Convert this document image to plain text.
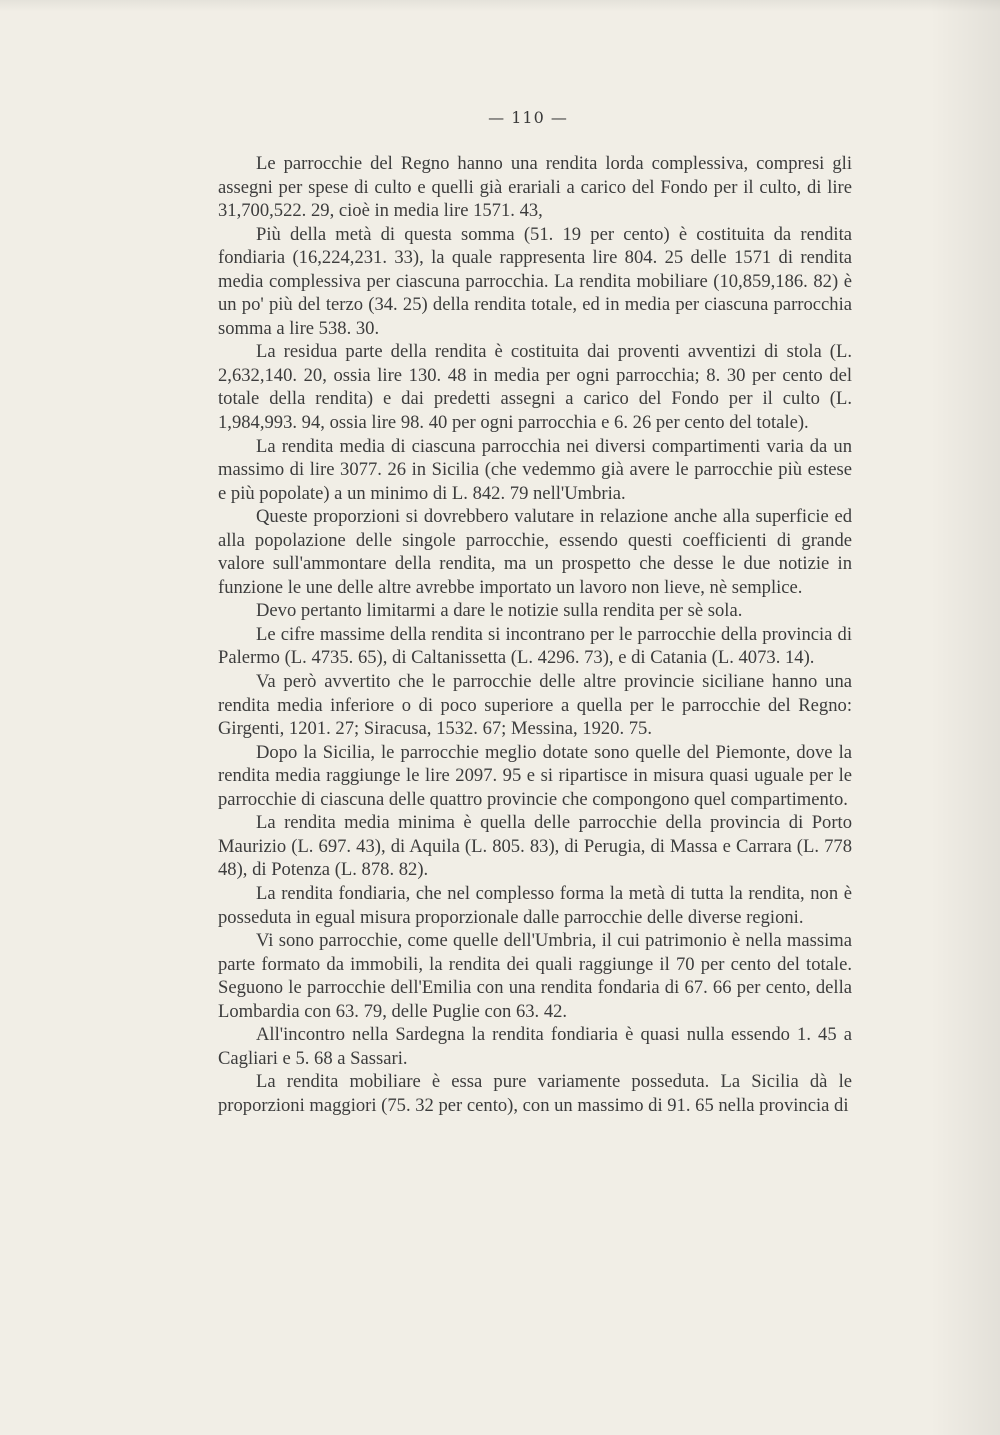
— 110 —

Le parrocchie del Regno hanno una rendita lorda complessiva, compresi gli assegni per spese di culto e quelli già erariali a carico del Fondo per il culto, di lire 31,700,522. 29, cioè in media lire 1571. 43,

Più della metà di questa somma (51. 19 per cento) è costituita da rendita fondiaria (16,224,231. 33), la quale rappresenta lire 804. 25 delle 1571 di rendita media complessiva per ciascuna parrocchia. La rendita mobiliare (10,859,186. 82) è un po' più del terzo (34. 25) della rendita totale, ed in media per ciascuna parrocchia somma a lire 538. 30.

La residua parte della rendita è costituita dai proventi avventizi di stola (L. 2,632,140. 20, ossia lire 130. 48 in media per ogni parrocchia; 8. 30 per cento del totale della rendita) e dai predetti assegni a carico del Fondo per il culto (L. 1,984,993. 94, ossia lire 98. 40 per ogni parrocchia e 6. 26 per cento del totale).

La rendita media di ciascuna parrocchia nei diversi compartimenti varia da un massimo di lire 3077. 26 in Sicilia (che vedemmo già avere le parrocchie più estese e più popolate) a un minimo di L. 842. 79 nell'Umbria.

Queste proporzioni si dovrebbero valutare in relazione anche alla superficie ed alla popolazione delle singole parrocchie, essendo questi coefficienti di grande valore sull'ammontare della rendita, ma un prospetto che desse le due notizie in funzione le une delle altre avrebbe importato un lavoro non lieve, nè semplice.

Devo pertanto limitarmi a dare le notizie sulla rendita per sè sola.

Le cifre massime della rendita si incontrano per le parrocchie della provincia di Palermo (L. 4735. 65), di Caltanissetta (L. 4296. 73), e di Catania (L. 4073. 14).

Va però avvertito che le parrocchie delle altre provincie siciliane hanno una rendita media inferiore o di poco superiore a quella per le parrocchie del Regno: Girgenti, 1201. 27; Siracusa, 1532. 67; Messina, 1920. 75.

Dopo la Sicilia, le parrocchie meglio dotate sono quelle del Piemonte, dove la rendita media raggiunge le lire 2097. 95 e si ripartisce in misura quasi uguale per le parrocchie di ciascuna delle quattro provincie che compongono quel compartimento.

La rendita media minima è quella delle parrocchie della provincia di Porto Maurizio (L. 697. 43), di Aquila (L. 805. 83), di Perugia, di Massa e Carrara (L. 778 48), di Potenza (L. 878. 82).

La rendita fondiaria, che nel complesso forma la metà di tutta la rendita, non è posseduta in egual misura proporzionale dalle parrocchie delle diverse regioni.

Vi sono parrocchie, come quelle dell'Umbria, il cui patrimonio è nella massima parte formato da immobili, la rendita dei quali raggiunge il 70 per cento del totale. Seguono le parrocchie dell'Emilia con una rendita fondaria di 67. 66 per cento, della Lombardia con 63. 79, delle Puglie con 63. 42.

All'incontro nella Sardegna la rendita fondiaria è quasi nulla essendo 1. 45 a Cagliari e 5. 68 a Sassari.

La rendita mobiliare è essa pure variamente posseduta. La Sicilia dà le proporzioni maggiori (75. 32 per cento), con un massimo di 91. 65 nella provincia di
